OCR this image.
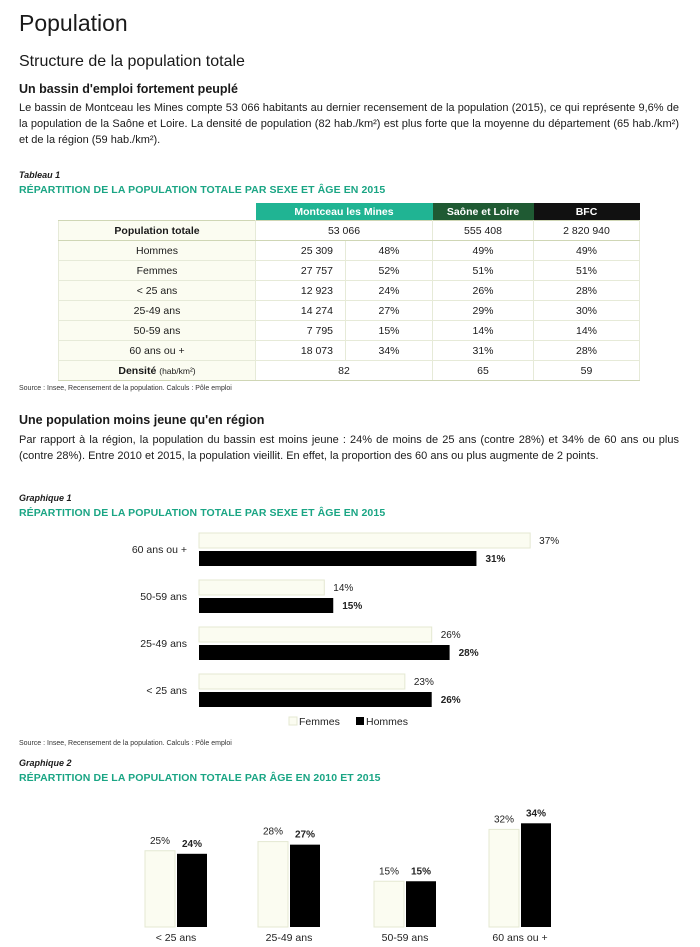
Population
Structure de la population totale
Un bassin d'emploi fortement peuplé

Le bassin de Montceau les Mines compte 53 066 habitants au dernier recensement de la population (2015), ce qui représente 9,6% de la population de la Saône et Loire. La densité de population (82 hab./km²) est plus forte que la moyenne du département (65 hab./km²) et de la région (59 hab./km²).

Tableau 1
RÉPARTITION DE LA POPULATION TOTALE PAR SEXE ET ÂGE EN 2015
	Montceau les Mines		Saône et Loire	BFC
Population totale	53 066		555 408	2 820 940
Hommes	25 309	48%	49%	49%
Femmes	27 757	52%	51%	51%
< 25 ans	12 923	24%	26%	28%
25-49 ans	14 274	27%	29%	30%
50-59 ans	7 795	15%	14%	14%
60 ans ou +	18 073	34%	31%	28%
Densité (hab/km²)	82		65	59
Source : Insee, Recensement de la population. Calculs : Pôle emploi
Une population moins jeune qu'en région

Par rapport à la région, la population du bassin est moins jeune : 24% de moins de 25 ans (contre 28%) et 34% de 60 ans ou plus (contre 28%). Entre 2010 et 2015, la population vieillit. En effet, la proportion des 60 ans ou plus augmente de 2 points.

Graphique 1
RÉPARTITION DE LA POPULATION TOTALE PAR SEXE ET ÂGE EN 2015
60 ans ou +
37%
31%
50-59 ans
14%
15%
25-49 ans
26%
28%
< 25 ans
23%
26%
Femmes Hommes
Source : Insee, Recensement de la population. Calculs : Pôle emploi
Graphique 2
RÉPARTITION DE LA POPULATION TOTALE PAR ÂGE EN 2010 ET 2015
25% 24%
< 25 ans
28% 27%
25-49 ans
15% 15%
50-59 ans
32%
34%
60 ans ou +
